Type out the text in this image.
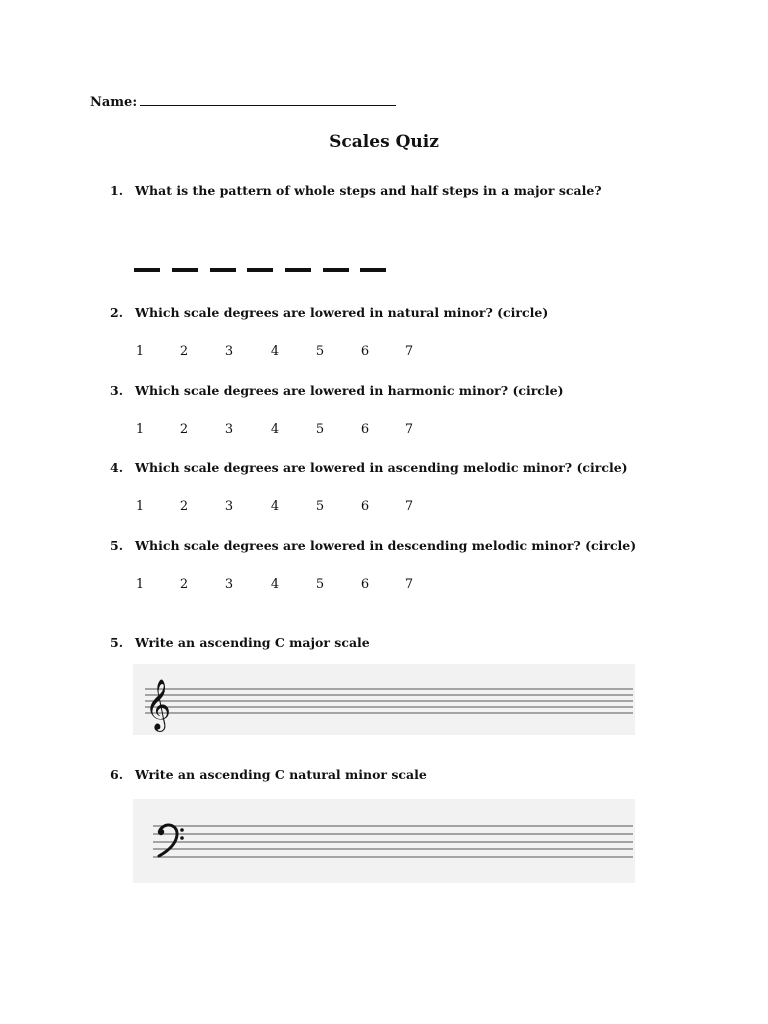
Name:
Scales Quiz
1. What is the pattern of whole steps and half steps in a major scale?
2. Which scale degrees are lowered in natural minor? (circle)
1	2	3	4	5	6	7
3. Which scale degrees are lowered in harmonic minor? (circle)
1	2	3	4	5	6	7
4. Which scale degrees are lowered in ascending melodic minor? (circle)
1	2	3	4	5	6	7
5. Which scale degrees are lowered in descending melodic minor? (circle)
1	2	3	4	5	6	7
5. Write an ascending C major scale
𝄞
6. Write an ascending C natural minor scale
